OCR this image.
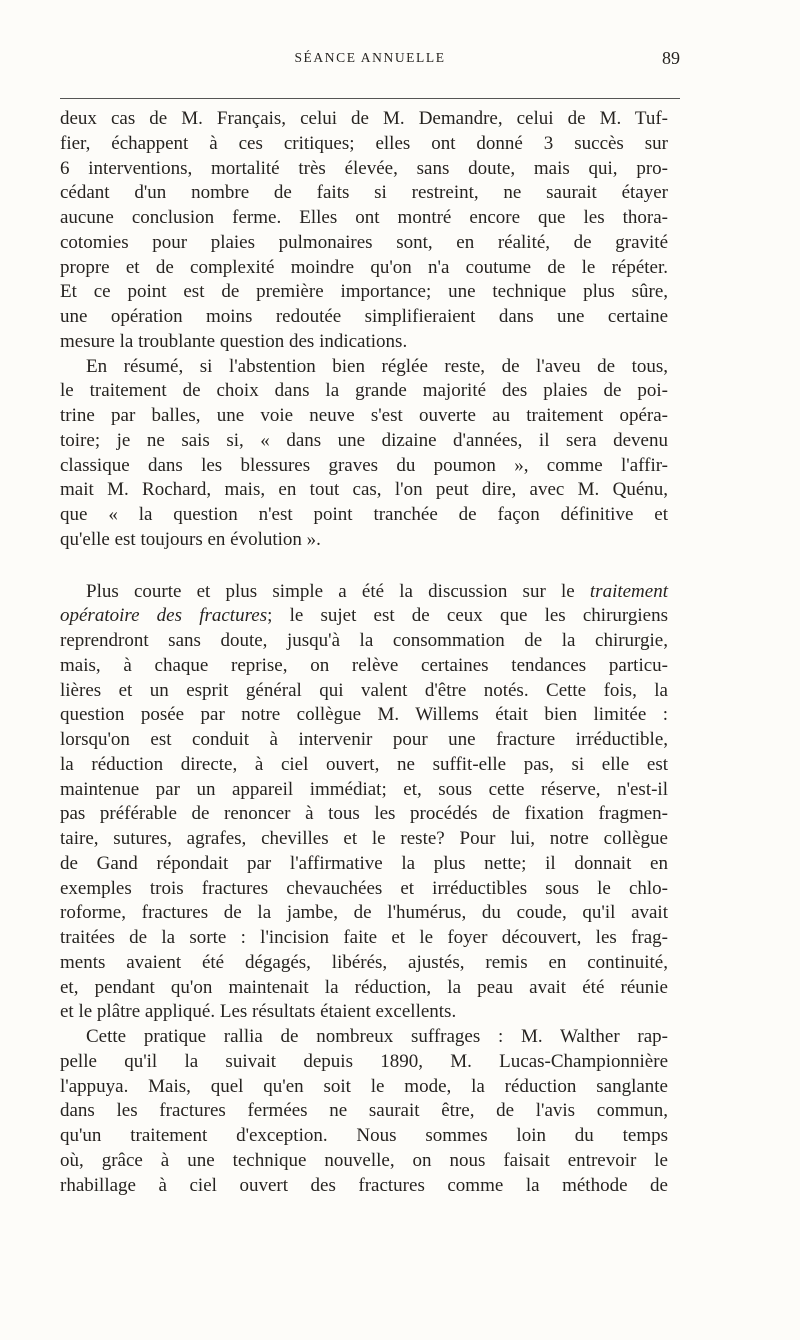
SÉANCE ANNUELLE	89
deux cas de M. Français, celui de M. Demandre, celui de M. Tuf-
fier, échappent à ces critiques; elles ont donné 3 succès sur
6 interventions, mortalité très élevée, sans doute, mais qui, pro-
cédant d'un nombre de faits si restreint, ne saurait étayer
aucune conclusion ferme. Elles ont montré encore que les thora-
cotomies pour plaies pulmonaires sont, en réalité, de gravité
propre et de complexité moindre qu'on n'a coutume de le répéter.
Et ce point est de première importance; une technique plus sûre,
une opération moins redoutée simplifieraient dans une certaine
mesure la troublante question des indications.
En résumé, si l'abstention bien réglée reste, de l'aveu de tous,
le traitement de choix dans la grande majorité des plaies de poi-
trine par balles, une voie neuve s'est ouverte au traitement opéra-
toire; je ne sais si, « dans une dizaine d'années, il sera devenu
classique dans les blessures graves du poumon », comme l'affir-
mait M. Rochard, mais, en tout cas, l'on peut dire, avec M. Quénu,
que « la question n'est point tranchée de façon définitive et
qu'elle est toujours en évolution ».
Plus courte et plus simple a été la discussion sur le traitement
opératoire des fractures; le sujet est de ceux que les chirurgiens
reprendront sans doute, jusqu'à la consommation de la chirurgie,
mais, à chaque reprise, on relève certaines tendances particu-
lières et un esprit général qui valent d'être notés. Cette fois, la
question posée par notre collègue M. Willems était bien limitée :
lorsqu'on est conduit à intervenir pour une fracture irréductible,
la réduction directe, à ciel ouvert, ne suffit-elle pas, si elle est
maintenue par un appareil immédiat; et, sous cette réserve, n'est-il
pas préférable de renoncer à tous les procédés de fixation fragmen-
taire, sutures, agrafes, chevilles et le reste? Pour lui, notre collègue
de Gand répondait par l'affirmative la plus nette; il donnait en
exemples trois fractures chevauchées et irréductibles sous le chlo-
roforme, fractures de la jambe, de l'humérus, du coude, qu'il avait
traitées de la sorte : l'incision faite et le foyer découvert, les frag-
ments avaient été dégagés, libérés, ajustés, remis en continuité,
et, pendant qu'on maintenait la réduction, la peau avait été réunie
et le plâtre appliqué. Les résultats étaient excellents.
Cette pratique rallia de nombreux suffrages : M. Walther rap-
pelle qu'il la suivait depuis 1890, M. Lucas-Championnière
l'appuya. Mais, quel qu'en soit le mode, la réduction sanglante
dans les fractures fermées ne saurait être, de l'avis commun,
qu'un traitement d'exception. Nous sommes loin du temps
où, grâce à une technique nouvelle, on nous faisait entrevoir le
rhabillage à ciel ouvert des fractures comme la méthode de
